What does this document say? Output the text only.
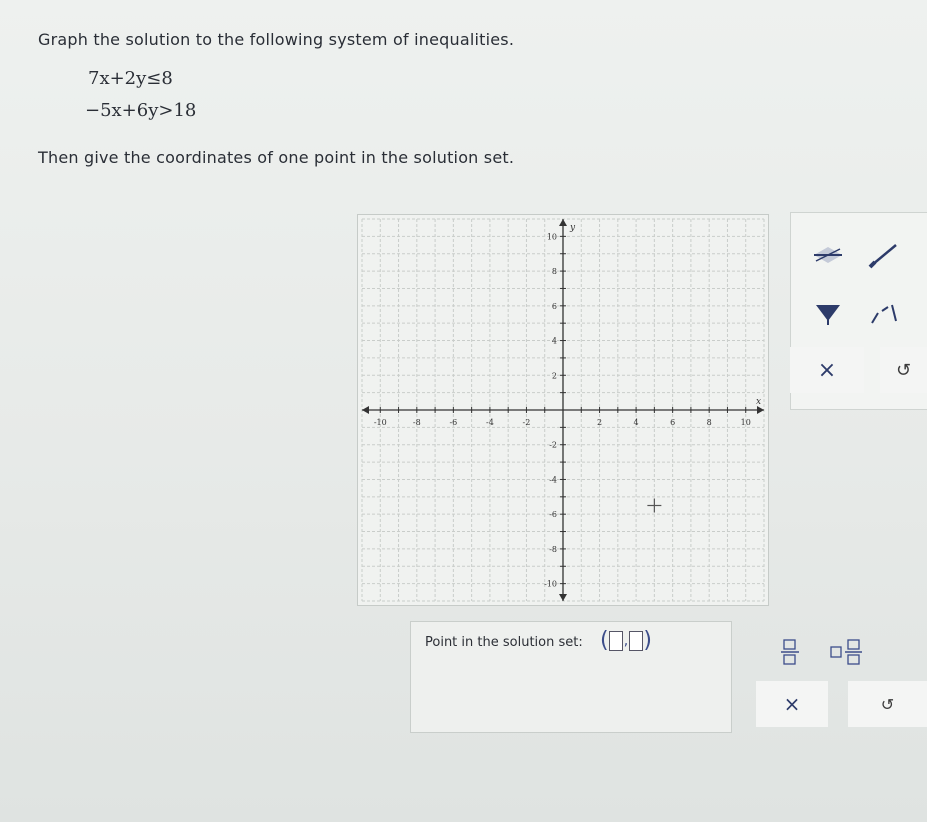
Graph the solution to the following system of inequalities.
7x+2y≤8
−5x+6y>18
Then give the coordinates of one point in the solution set.
-10	-8	-6	-4	-2	2	4	6	8	10
10
8
6
4
2
-2
-4
-6
-8
-10
x
y
×	↺
Point in the solution set: ( , )
×	↺
